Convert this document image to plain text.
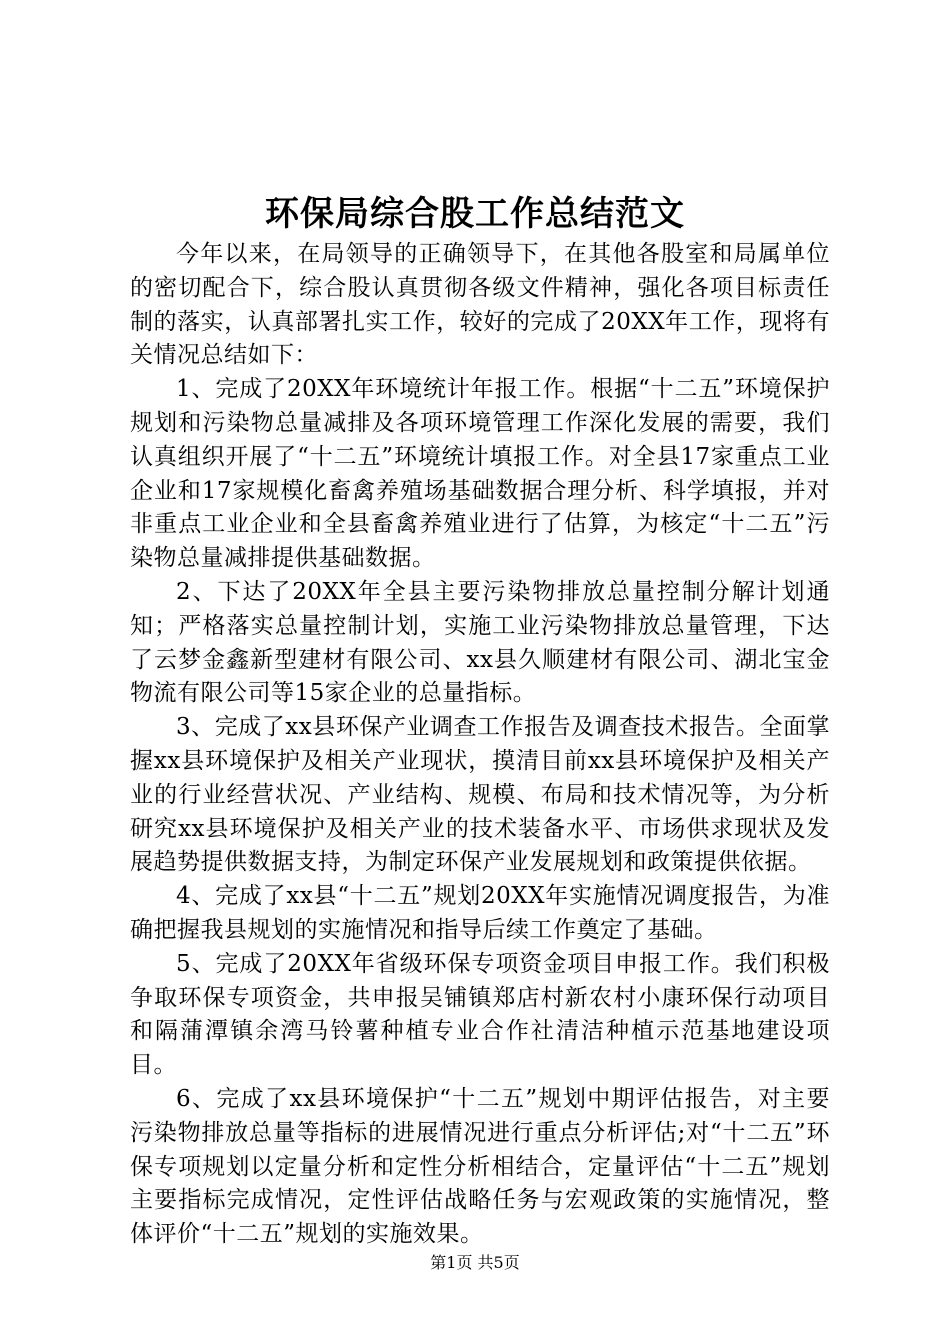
环保局综合股工作总结范文

今年以来，在局领导的正确领导下，在其他各股室和局属单位的密切配合下，综合股认真贯彻各级文件精神，强化各项目标责任制的落实，认真部署扎实工作，较好的完成了20XX年工作，现将有关情况总结如下：

1、完成了20XX年环境统计年报工作。根据“十二五”环境保护规划和污染物总量减排及各项环境管理工作深化发展的需要，我们认真组织开展了“十二五”环境统计填报工作。对全县17家重点工业企业和17家规模化畜禽养殖场基础数据合理分析、科学填报，并对非重点工业企业和全县畜禽养殖业进行了估算，为核定“十二五”污染物总量减排提供基础数据。

2、下达了20XX年全县主要污染物排放总量控制分解计划通知；严格落实总量控制计划，实施工业污染物排放总量管理，下达了云梦金鑫新型建材有限公司、xx县久顺建材有限公司、湖北宝金物流有限公司等15家企业的总量指标。

3、完成了xx县环保产业调查工作报告及调查技术报告。全面掌握xx县环境保护及相关产业现状，摸清目前xx县环境保护及相关产业的行业经营状况、产业结构、规模、布局和技术情况等，为分析研究xx县环境保护及相关产业的技术装备水平、市场供求现状及发展趋势提供数据支持，为制定环保产业发展规划和政策提供依据。

4、完成了xx县“十二五”规划20XX年实施情况调度报告，为准确把握我县规划的实施情况和指导后续工作奠定了基础。

5、完成了20XX年省级环保专项资金项目申报工作。我们积极争取环保专项资金，共申报吴铺镇郑店村新农村小康环保行动项目和隔蒲潭镇余湾马铃薯种植专业合作社清洁种植示范基地建设项目。

6、完成了xx县环境保护“十二五”规划中期评估报告，对主要污染物排放总量等指标的进展情况进行重点分析评估;对“十二五”环保专项规划以定量分析和定性分析相结合，定量评估“十二五”规划主要指标完成情况，定性评估战略任务与宏观政策的实施情况，整体评价“十二五”规划的实施效果。

第1页 共5页
